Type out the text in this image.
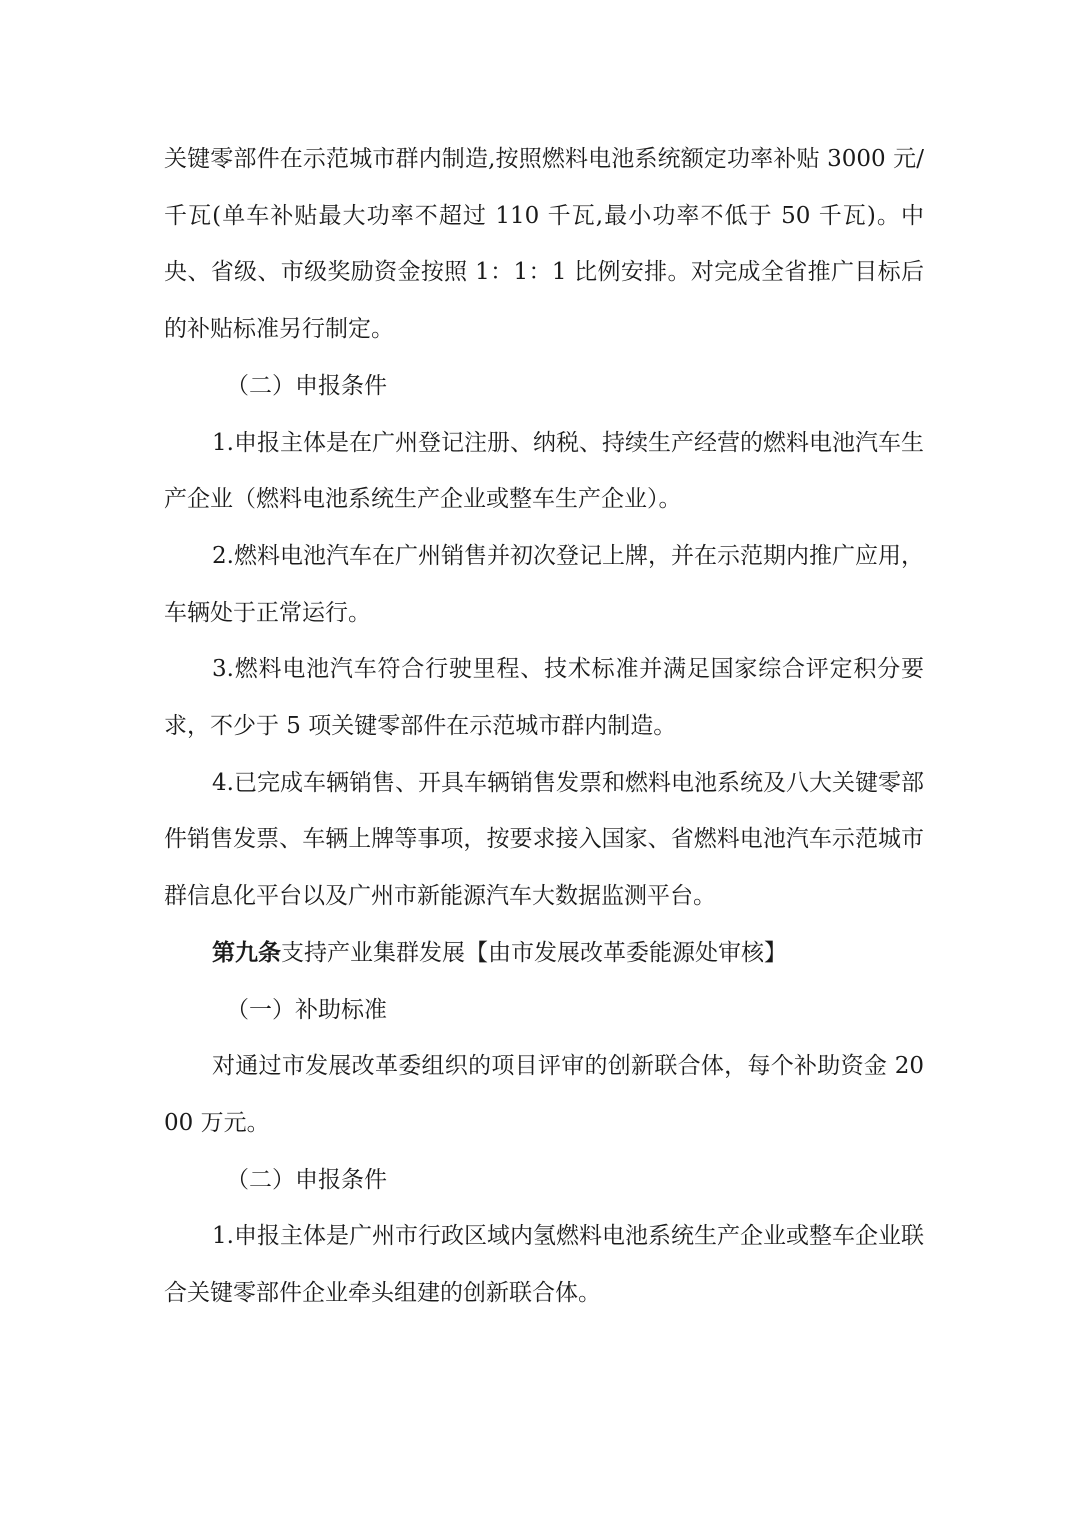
关键零部件在示范城市群内制造,按照燃料电池系统额定功率补贴 3000 元/千瓦(单车补贴最大功率不超过 110 千瓦,最小功率不低于 50 千瓦)。中央、省级、市级奖励资金按照 1：1：1 比例安排。对完成全省推广目标后的补贴标准另行制定。

（二）申报条件

1.申报主体是在广州登记注册、纳税、持续生产经营的燃料电池汽车生产企业（燃料电池系统生产企业或整车生产企业）。

2.燃料电池汽车在广州销售并初次登记上牌，并在示范期内推广应用，车辆处于正常运行。

3.燃料电池汽车符合行驶里程、技术标准并满足国家综合评定积分要求，不少于 5 项关键零部件在示范城市群内制造。

4.已完成车辆销售、开具车辆销售发票和燃料电池系统及八大关键零部件销售发票、车辆上牌等事项，按要求接入国家、省燃料电池汽车示范城市群信息化平台以及广州市新能源汽车大数据监测平台。

第九条支持产业集群发展【由市发展改革委能源处审核】

（一）补助标准

对通过市发展改革委组织的项目评审的创新联合体，每个补助资金 2000 万元。

（二）申报条件

1.申报主体是广州市行政区域内氢燃料电池系统生产企业或整车企业联合关键零部件企业牵头组建的创新联合体。
